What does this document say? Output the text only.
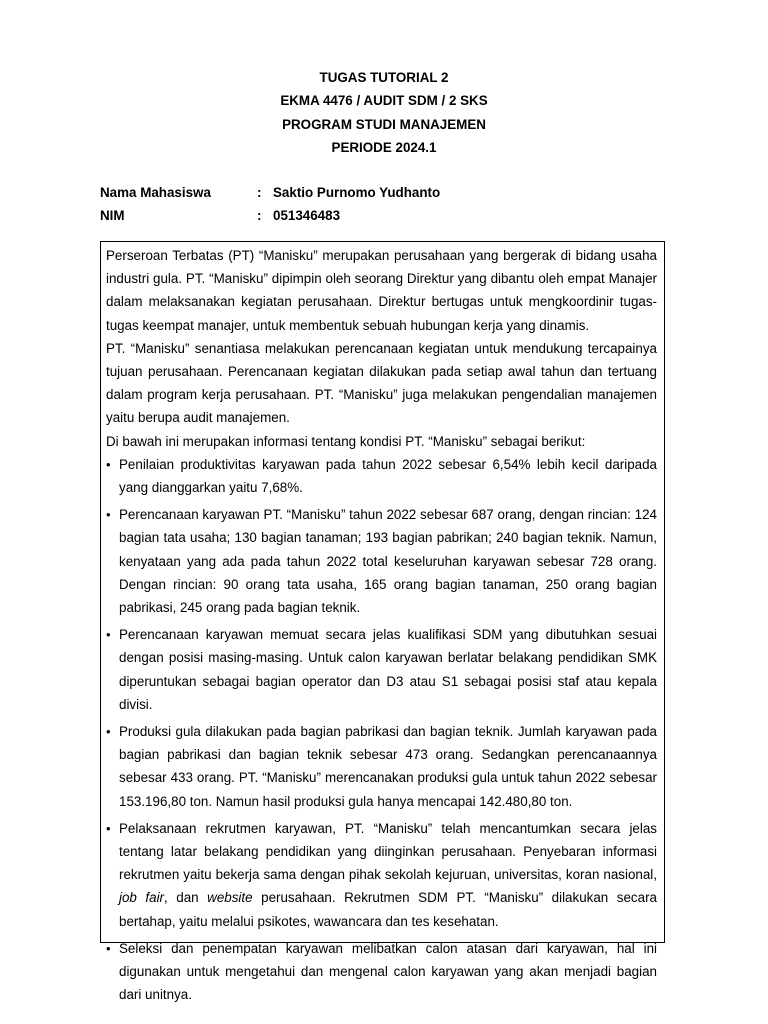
TUGAS TUTORIAL 2
EKMA 4476 / AUDIT SDM / 2 SKS
PROGRAM STUDI MANAJEMEN
PERIODE 2024.1
Nama Mahasiswa	: Saktio Purnomo Yudhanto
NIM	: 051346483

Perseroan Terbatas (PT) “Manisku” merupakan perusahaan yang bergerak di bidang usaha industri gula. PT. “Manisku” dipimpin oleh seorang Direktur yang dibantu oleh empat Manajer dalam melaksanakan kegiatan perusahaan. Direktur bertugas untuk mengkoordinir tugas-tugas keempat manajer, untuk membentuk sebuah hubungan kerja yang dinamis.

PT. “Manisku” senantiasa melakukan perencanaan kegiatan untuk mendukung tercapainya tujuan perusahaan. Perencanaan kegiatan dilakukan pada setiap awal tahun dan tertuang dalam program kerja perusahaan. PT. “Manisku” juga melakukan pengendalian manajemen yaitu berupa audit manajemen.

Di bawah ini merupakan informasi tentang kondisi PT. “Manisku” sebagai berikut:

• Penilaian produktivitas karyawan pada tahun 2022 sebesar 6,54% lebih kecil daripada yang dianggarkan yaitu 7,68%.
• Perencanaan karyawan PT. “Manisku” tahun 2022 sebesar 687 orang, dengan rincian: 124 bagian tata usaha; 130 bagian tanaman; 193 bagian pabrikan; 240 bagian teknik. Namun, kenyataan yang ada pada tahun 2022 total keseluruhan karyawan sebesar 728 orang. Dengan rincian: 90 orang tata usaha, 165 orang bagian tanaman, 250 orang bagian pabrikasi, 245 orang pada bagian teknik.
• Perencanaan karyawan memuat secara jelas kualifikasi SDM yang dibutuhkan sesuai dengan posisi masing-masing. Untuk calon karyawan berlatar belakang pendidikan SMK diperuntukan sebagai bagian operator dan D3 atau S1 sebagai posisi staf atau kepala divisi.
• Produksi gula dilakukan pada bagian pabrikasi dan bagian teknik. Jumlah karyawan pada bagian pabrikasi dan bagian teknik sebesar 473 orang. Sedangkan perencanaannya sebesar 433 orang. PT. “Manisku” merencanakan produksi gula untuk tahun 2022 sebesar 153.196,80 ton. Namun hasil produksi gula hanya mencapai 142.480,80 ton.
• Pelaksanaan rekrutmen karyawan, PT. “Manisku” telah mencantumkan secara jelas tentang latar belakang pendidikan yang diinginkan perusahaan. Penyebaran informasi rekrutmen yaitu bekerja sama dengan pihak sekolah kejuruan, universitas, koran nasional, job fair, dan website perusahaan. Rekrutmen SDM PT. “Manisku” dilakukan secara bertahap, yaitu melalui psikotes, wawancara dan tes kesehatan.
• Seleksi dan penempatan karyawan melibatkan calon atasan dari karyawan, hal ini digunakan untuk mengetahui dan mengenal calon karyawan yang akan menjadi bagian dari unitnya.
